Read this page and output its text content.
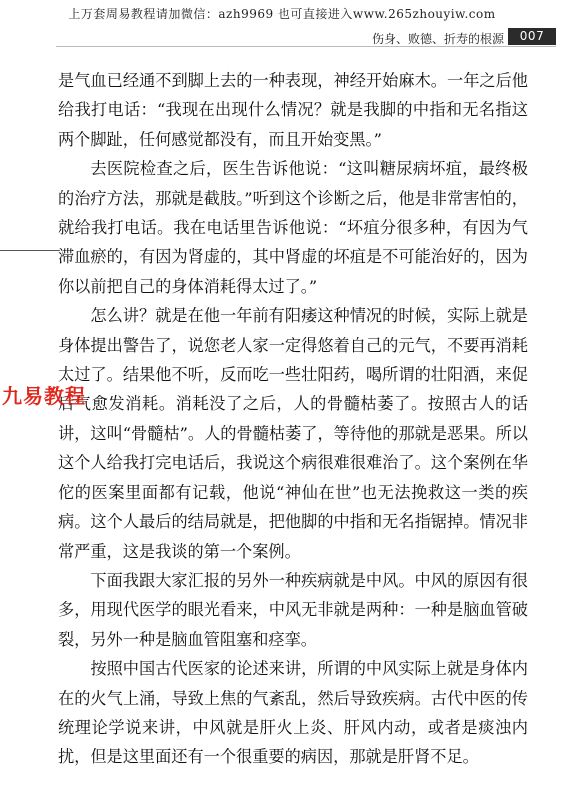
上万套周易教程请加微信：azh9969 也可直接进入www.265zhouyiw.com
伤身、败德、折寿的根源	007

是气血已经通不到脚上去的一种表现，神经开始麻木。一年之后他给我打电话：“我现在出现什么情况？就是我脚的中指和无名指这两个脚趾，任何感觉都没有，而且开始变黑。”

去医院检查之后，医生告诉他说：“这叫糖尿病坏疽，最终极的治疗方法，那就是截肢。”听到这个诊断之后，他是非常害怕的，就给我打电话。我在电话里告诉他说：“坏疽分很多种，有因为气滞血瘀的，有因为肾虚的，其中肾虚的坏疽是不可能治好的，因为你以前把自己的身体消耗得太过了。”

怎么讲？就是在他一年前有阳痿这种情况的时候，实际上就是身体提出警告了，说您老人家一定得悠着自己的元气，不要再消耗太过了。结果他不听，反而吃一些壮阳药，喝所谓的壮阳酒，来促后气愈发消耗。消耗没了之后，人的骨髓枯萎了。按照古人的话讲，这叫“骨髓枯”。人的骨髓枯萎了，等待他的那就是恶果。所以这个人给我打完电话后，我说这个病很难很难治了。这个案例在华佗的医案里面都有记载，他说“神仙在世”也无法挽救这一类的疾病。这个人最后的结局就是，把他脚的中指和无名指锯掉。情况非常严重，这是我谈的第一个案例。

下面我跟大家汇报的另外一种疾病就是中风。中风的原因有很多，用现代医学的眼光看来，中风无非就是两种：一种是脑血管破裂，另外一种是脑血管阻塞和痉挛。

按照中国古代医家的论述来讲，所谓的中风实际上就是身体内在的火气上涌，导致上焦的气紊乱，然后导致疾病。古代中医的传统理论学说来讲，中风就是肝火上炎、肝风内动，或者是痰浊内扰，但是这里面还有一个很重要的病因，那就是肝肾不足。

九易教程
